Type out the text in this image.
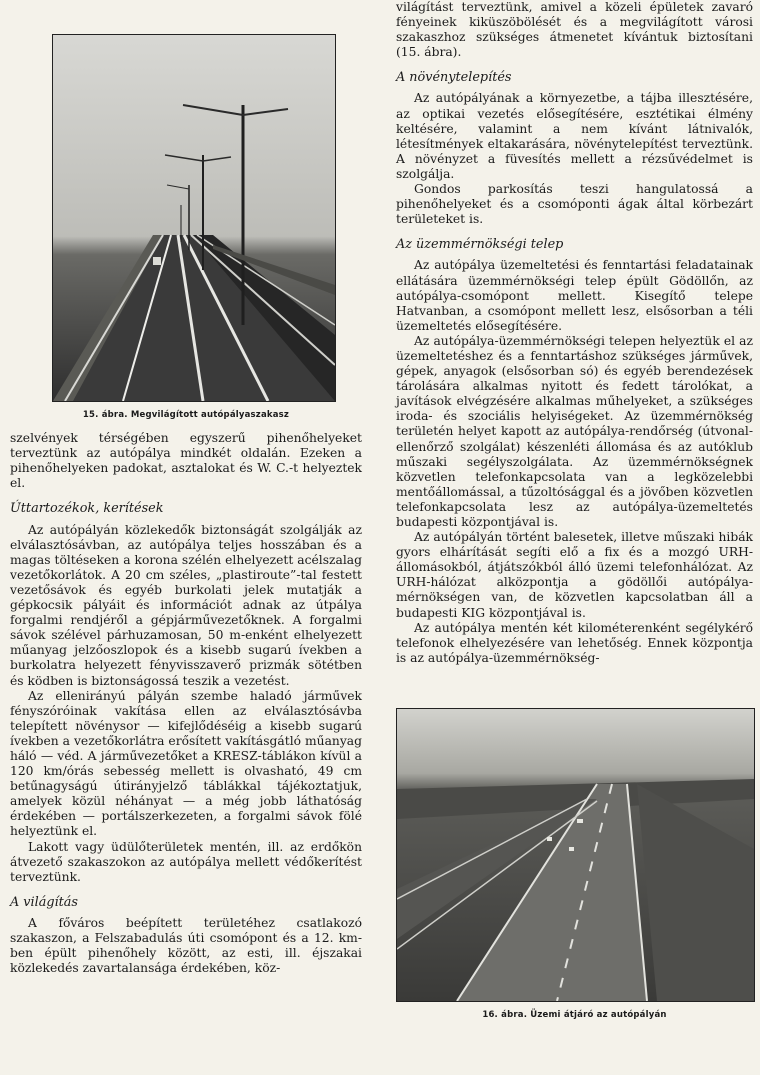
15. ábra. Megvilágított autópályaszakasz

szelvények térségében egyszerű pihenőhelyeket terveztünk az autópálya mindkét oldalán. Ezeken a pihenőhelyeken padokat, asztalokat és W. C.-t helyeztek el.

Úttartozékok, kerítések

Az autópályán közlekedők biztonságát szolgálják az elválasztósávban, az autópálya teljes hosszában és a magas töltéseken a korona szélén elhelyezett acélszalag vezetőkorlátok. A 20 cm széles, „plastiroute”-tal festett vezetősávok és egyéb burkolati jelek mutatják a gépkocsik pályáit és információt adnak az útpálya forgalmi rendjéről a gépjárművezetőknek. A forgalmi sávok szélével párhuzamosan, 50 m-enként elhelyezett műanyag jelzőoszlopok és a kisebb sugarú ívekben a burkolatra helyezett fényvisszaverő prizmák sötétben és ködben is biztonságossá teszik a vezetést.

Az ellenirányú pályán szembe haladó járművek fényszóróinak vakítása ellen az elválasztósávba telepített növénysor — kifejlődéséig a kisebb sugarú ívekben a vezetőkorlátra erősített vakításgátló műanyag háló — véd. A járművezetőket a KRESZ-táblákon kívül a 120 km/órás sebesség mellett is olvasható, 49 cm betűnagyságú útirányjelző táblákkal tájékoztatjuk, amelyek közül néhányat — a még jobb láthatóság érdekében — portálszerkezeten, a forgalmi sávok fölé helyeztünk el.

Lakott vagy üdülőterületek mentén, ill. az erdőkön átvezető szakaszokon az autópálya mellett védőkerítést terveztünk.

A világítás

A főváros beépített területéhez csatlakozó szakaszon, a Felszabadulás úti csomópont és a 12. km-ben épült pihenőhely között, az esti, ill. éjszakai közlekedés zavartalansága érdekében, köz-

világítást terveztünk, amivel a közeli épületek zavaró fényeinek kiküszöbölését és a megvilágított városi szakaszhoz szükséges átmenetet kívántuk biztosítani (15. ábra).

A növénytelepítés

Az autópályának a környezetbe, a tájba illesztésére, az optikai vezetés elősegítésére, esztétikai élmény keltésére, valamint a nem kívánt látnivalók, létesítmények eltakarására, növénytelepítést terveztünk. A növényzet a füvesítés mellett a rézsűvédelmet is szolgálja.

Gondos parkosítás teszi hangulatossá a pihenőhelyeket és a csomóponti ágak által körbezárt területeket is.

Az üzemmérnökségi telep

Az autópálya üzemeltetési és fenntartási feladatainak ellátására üzemmérnökségi telep épült Gödöllőn, az autópálya-csomópont mellett. Kisegítő telepe Hatvanban, a csomópont mellett lesz, elsősorban a téli üzemeltetés elősegítésére.

Az autópálya-üzemmérnökségi telepen helyeztük el az üzemeltetéshez és a fenntartáshoz szükséges járművek, gépek, anyagok (elsősorban só) és egyéb berendezések tárolására alkalmas nyitott és fedett tárolókat, a javítások elvégzésére alkalmas műhelyeket, a szükséges iroda- és szociális helyiségeket. Az üzemmérnökség területén helyet kapott az autópálya-rendőrség (útvonal-ellenőrző szolgálat) készenléti állomása és az autóklub műszaki segélyszolgálata. Az üzemmérnökségnek közvetlen telefonkapcsolata van a legközelebbi mentőállomással, a tűzoltósággal és a jövőben közvetlen telefonkapcsolata lesz az autópálya-üzemeltetés budapesti központjával is.

Az autópályán történt balesetek, illetve műszaki hibák gyors elhárítását segíti elő a fix és a mozgó URH-állomásokból, átjátszókból álló üzemi telefonhálózat. Az URH-hálózat alközpontja a gödöllői autópálya-mérnökségen van, de közvetlen kapcsolatban áll a budapesti KIG központjával is.

Az autópálya mentén két kilométerenként segélykérő telefonok elhelyezésére van lehetőség. Ennek központja is az autópálya-üzemmérnökség-

16. ábra. Üzemi átjáró az autópályán
